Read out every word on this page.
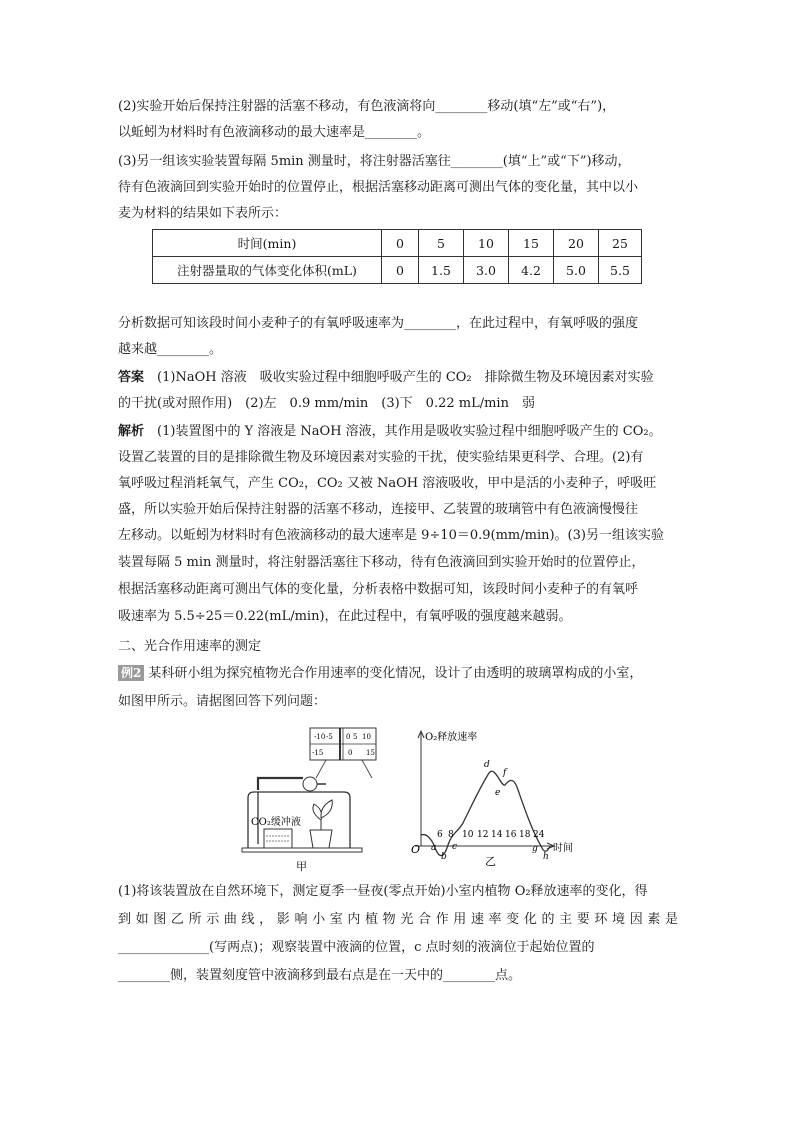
(2)实验开始后保持注射器的活塞不移动，有色液滴将向________移动(填“左”或“右”)，
以蚯蚓为材料时有色液滴移动的最大速率是________。
(3)另一组该实验装置每隔 5min 测量时，将注射器活塞往________(填“上”或“下”)移动，
待有色液滴回到实验开始时的位置停止，根据活塞移动距离可测出气体的变化量，其中以小
麦为材料的结果如下表所示：
时间(min)	0	5	10	15	20	25
注射器量取的气体变化体积(mL)	0	1.5	3.0	4.2	5.0	5.5
分析数据可知该段时间小麦种子的有氧呼吸速率为________，在此过程中，有氧呼吸的强度
越来越________。
答案　 (1)NaOH 溶液　吸收实验过程中细胞呼吸产生的 CO₂　排除微生物及环境因素对实验
的干扰(或对照作用)　(2)左　0.9 mm/min　(3)下　0.22 mL/min　弱
解析　 (1)装置图中的 Y 溶液是 NaOH 溶液，其作用是吸收实验过程中细胞呼吸产生的 CO₂。
设置乙装置的目的是排除微生物及环境因素对实验的干扰，使实验结果更科学、合理。(2)有
氧呼吸过程消耗氧气，产生 CO₂，CO₂ 又被 NaOH 溶液吸收，甲中是活的小麦种子，呼吸旺
盛，所以实验开始后保持注射器的活塞不移动，连接甲、乙装置的玻璃管中有色液滴慢慢往
左移动。以蚯蚓为材料时有色液滴移动的最大速率是 9÷10＝0.9(mm/min)。(3)另一组该实验
装置每隔 5 min 测量时，将注射器活塞往下移动，待有色液滴回到实验开始时的位置停止，
根据活塞移动距离可测出气体的变化量，分析表格中数据可知，该段时间小麦种子的有氧呼
吸速率为 5.5÷25＝0.22(mL/min)，在此过程中，有氧呼吸的强度越来越弱。
二、光合作用速率的测定
例2 某科研小组为探究植物光合作用速率的变化情况，设计了由透明的玻璃罩构成的小室，
如图甲所示。请据图回答下列问题：
-10 -5 0 5 10
-15	0 15
CO₂缓冲液
甲
O₂释放速率
时间
O
6 8 10 12 14 16 18 24
a
b
c
d
e
f
g
h
乙
(1)将该装置放在自然环境下，测定夏季一昼夜(零点开始)小室内植物 O₂释放速率的变化，得
到如图乙所示曲线，影响小室内植物光合作用速率变化的主要环境因素是
______________(写两点)；观察装置中液滴的位置，c 点时刻的液滴位于起始位置的
________侧，装置刻度管中液滴移到最右点是在一天中的________点。
